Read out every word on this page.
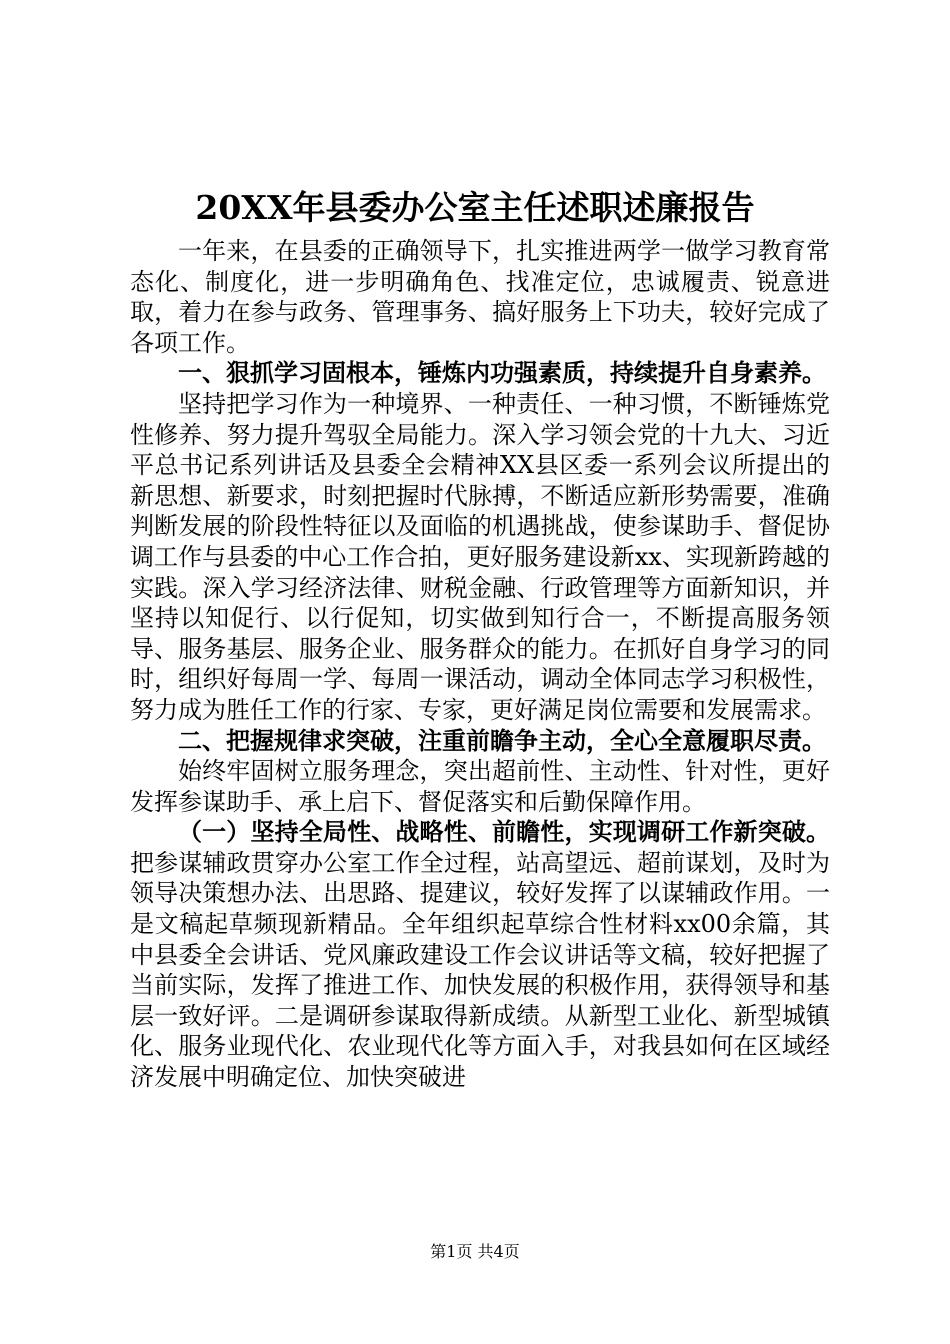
20XX年县委办公室主任述职述廉报告

一年来，在县委的正确领导下，扎实推进两学一做学习教育常态化、制度化，进一步明确角色、找准定位，忠诚履责、锐意进取，着力在参与政务、管理事务、搞好服务上下功夫，较好完成了各项工作。

一、狠抓学习固根本，锤炼内功强素质，持续提升自身素养。

坚持把学习作为一种境界、一种责任、一种习惯，不断锤炼党性修养、努力提升驾驭全局能力。深入学习领会党的十九大、习近平总书记系列讲话及县委全会精神XX县区委一系列会议所提出的新思想、新要求，时刻把握时代脉搏，不断适应新形势需要，准确判断发展的阶段性特征以及面临的机遇挑战，使参谋助手、督促协调工作与县委的中心工作合拍，更好服务建设新xx、实现新跨越的实践。深入学习经济法律、财税金融、行政管理等方面新知识，并坚持以知促行、以行促知，切实做到知行合一，不断提高服务领导、服务基层、服务企业、服务群众的能力。在抓好自身学习的同时，组织好每周一学、每周一课活动，调动全体同志学习积极性，努力成为胜任工作的行家、专家，更好满足岗位需要和发展需求。

二、把握规律求突破，注重前瞻争主动，全心全意履职尽责。

始终牢固树立服务理念，突出超前性、主动性、针对性，更好发挥参谋助手、承上启下、督促落实和后勤保障作用。

（一）坚持全局性、战略性、前瞻性，实现调研工作新突破。把参谋辅政贯穿办公室工作全过程，站高望远、超前谋划，及时为领导决策想办法、出思路、提建议，较好发挥了以谋辅政作用。一是文稿起草频现新精品。全年组织起草综合性材料xx00余篇，其中县委全会讲话、党风廉政建设工作会议讲话等文稿，较好把握了当前实际，发挥了推进工作、加快发展的积极作用，获得领导和基层一致好评。二是调研参谋取得新成绩。从新型工业化、新型城镇化、服务业现代化、农业现代化等方面入手，对我县如何在区域经济发展中明确定位、加快突破进

第1页 共4页
